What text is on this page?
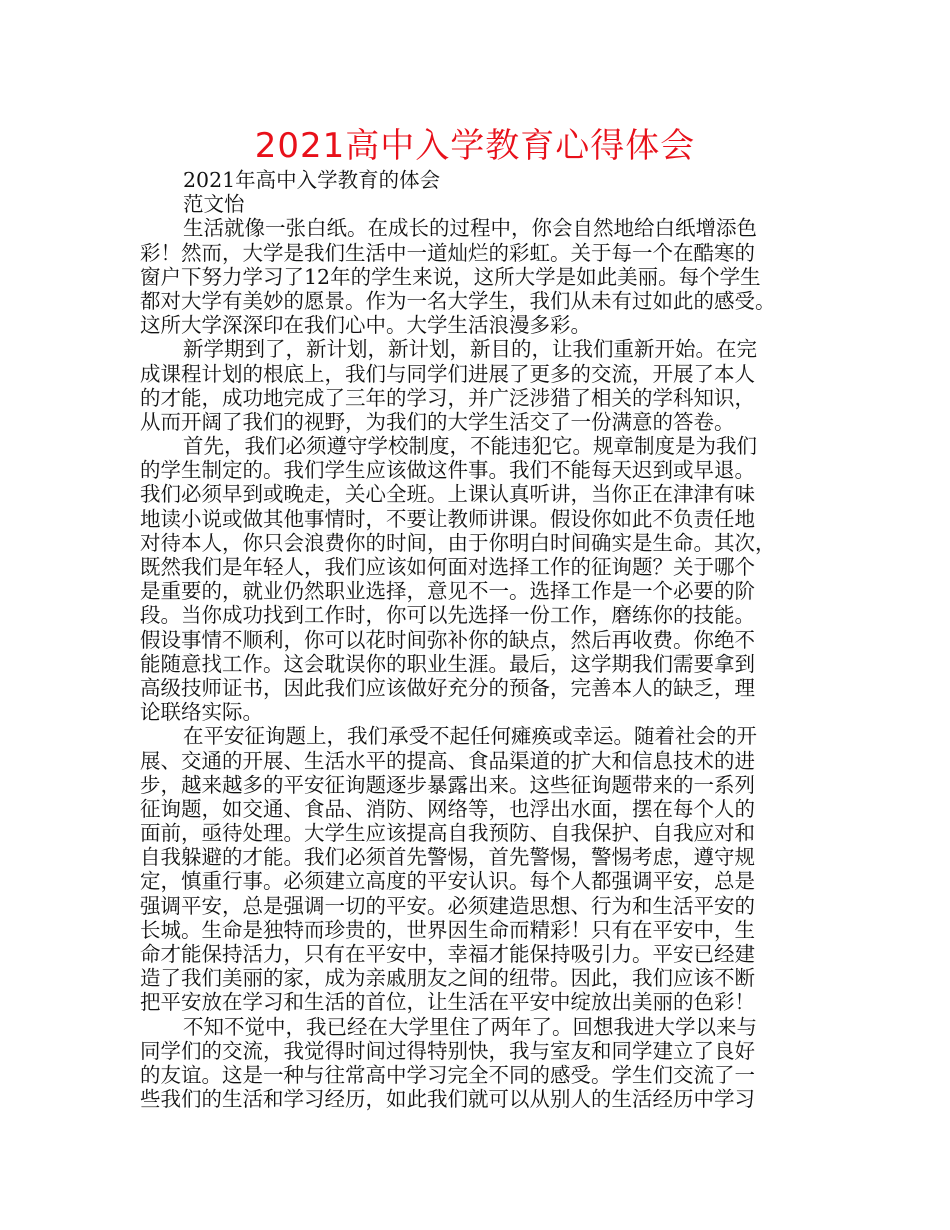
2021高中入学教育心得体会
2021年高中入学教育的体会
范文怡
生活就像一张白纸。在成长的过程中，你会自然地给白纸增添色
彩！然而，大学是我们生活中一道灿烂的彩虹。关于每一个在酷寒的
窗户下努力学习了12年的学生来说，这所大学是如此美丽。每个学生
都对大学有美妙的愿景。作为一名大学生，我们从未有过如此的感受。
这所大学深深印在我们心中。大学生活浪漫多彩。
新学期到了，新计划，新计划，新目的，让我们重新开始。在完
成课程计划的根底上，我们与同学们进展了更多的交流，开展了本人
的才能，成功地完成了三年的学习，并广泛涉猎了相关的学科知识，
从而开阔了我们的视野，为我们的大学生活交了一份满意的答卷。
首先，我们必须遵守学校制度，不能违犯它。规章制度是为我们
的学生制定的。我们学生应该做这件事。我们不能每天迟到或早退。
我们必须早到或晚走，关心全班。上课认真听讲，当你正在津津有味
地读小说或做其他事情时，不要让教师讲课。假设你如此不负责任地
对待本人，你只会浪费你的时间，由于你明白时间确实是生命。其次，
既然我们是年轻人，我们应该如何面对选择工作的征询题？关于哪个
是重要的，就业仍然职业选择，意见不一。选择工作是一个必要的阶
段。当你成功找到工作时，你可以先选择一份工作，磨练你的技能。
假设事情不顺利，你可以花时间弥补你的缺点，然后再收费。你绝不
能随意找工作。这会耽误你的职业生涯。最后，这学期我们需要拿到
高级技师证书，因此我们应该做好充分的预备，完善本人的缺乏，理
论联络实际。
在平安征询题上，我们承受不起任何瘫痪或幸运。随着社会的开
展、交通的开展、生活水平的提高、食品渠道的扩大和信息技术的进
步，越来越多的平安征询题逐步暴露出来。这些征询题带来的一系列
征询题，如交通、食品、消防、网络等，也浮出水面，摆在每个人的
面前，亟待处理。大学生应该提高自我预防、自我保护、自我应对和
自我躲避的才能。我们必须首先警惕，首先警惕，警惕考虑，遵守规
定，慎重行事。必须建立高度的平安认识。每个人都强调平安，总是
强调平安，总是强调一切的平安。必须建造思想、行为和生活平安的
长城。生命是独特而珍贵的，世界因生命而精彩！只有在平安中，生
命才能保持活力，只有在平安中，幸福才能保持吸引力。平安已经建
造了我们美丽的家，成为亲戚朋友之间的纽带。因此，我们应该不断
把平安放在学习和生活的首位，让生活在平安中绽放出美丽的色彩！
不知不觉中，我已经在大学里住了两年了。回想我进大学以来与
同学们的交流，我觉得时间过得特别快，我与室友和同学建立了良好
的友谊。这是一种与往常高中学习完全不同的感受。学生们交流了一
些我们的生活和学习经历，如此我们就可以从别人的生活经历中学习
